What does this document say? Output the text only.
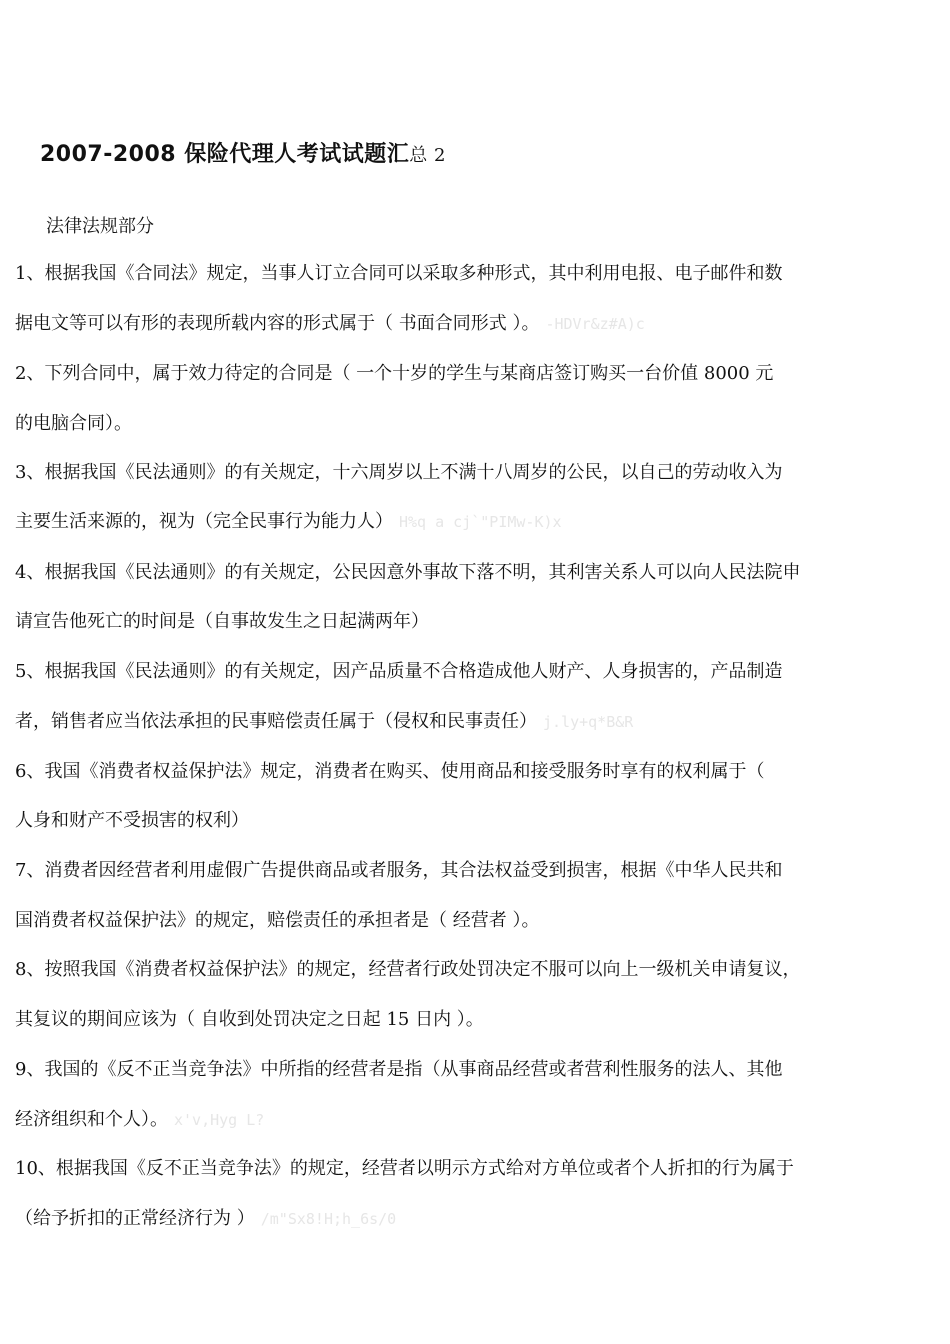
2007-2008 保险代理人考试试题汇总 2
法律法规部分
1、根据我国《合同法》规定，当事人订立合同可以采取多种形式，其中利用电报、电子邮件和数
据电文等可以有形的表现所载内容的形式属于（ 书面合同形式 ）。 -HDVr&z#A)c
2、下列合同中，属于效力待定的合同是（ 一个十岁的学生与某商店签订购买一台价值 8000 元
的电脑合同）。
3、根据我国《民法通则》的有关规定，十六周岁以上不满十八周岁的公民，以自己的劳动收入为
主要生活来源的，视为（完全民事行为能力人） H%q a cj`"PIMw-K)x
4、根据我国《民法通则》的有关规定，公民因意外事故下落不明，其利害关系人可以向人民法院申
请宣告他死亡的时间是（自事故发生之日起满两年）
5、根据我国《民法通则》的有关规定，因产品质量不合格造成他人财产、人身损害的，产品制造
者，销售者应当依法承担的民事赔偿责任属于（侵权和民事责任） j.ly+q*B&R
6、我国《消费者权益保护法》规定，消费者在购买、使用商品和接受服务时享有的权利属于（
人身和财产不受损害的权利）
7、消费者因经营者利用虚假广告提供商品或者服务，其合法权益受到损害，根据《中华人民共和
国消费者权益保护法》的规定，赔偿责任的承担者是（ 经营者 ）。
8、按照我国《消费者权益保护法》的规定，经营者行政处罚决定不服可以向上一级机关申请复议，
其复议的期间应该为（ 自收到处罚决定之日起 15 日内 ）。
9、我国的《反不正当竞争法》中所指的经营者是指（从事商品经营或者营利性服务的法人、其他
经济组织和个人）。 x'v,Hyg L?
10、根据我国《反不正当竞争法》的规定，经营者以明示方式给对方单位或者个人折扣的行为属于
（给予折扣的正常经济行为 ） /m"Sx8!H;h_6s/0
